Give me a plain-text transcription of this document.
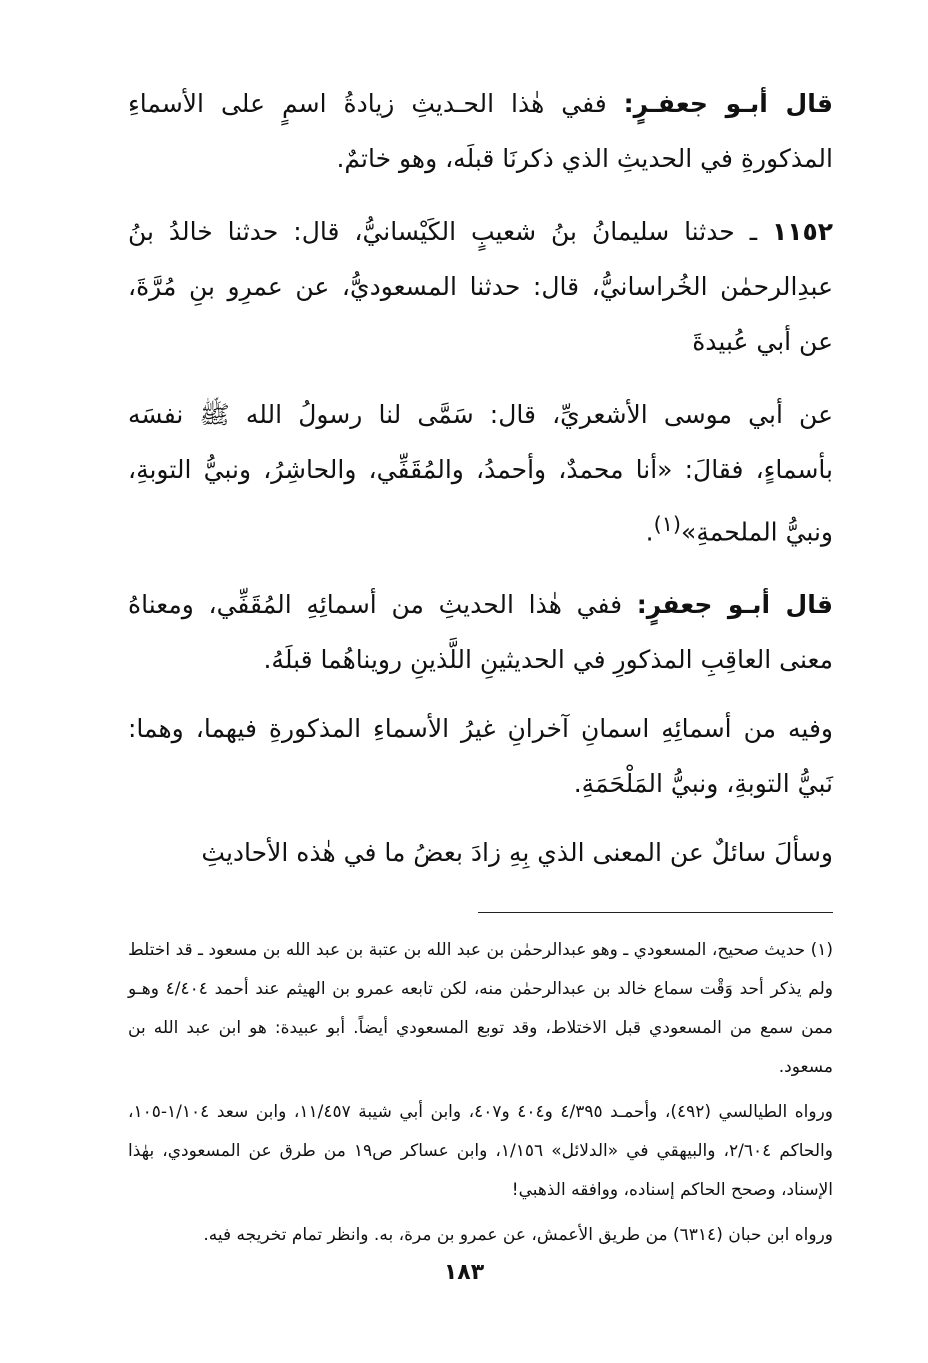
قال أبـو جعفـرٍ: ففي هٰذا الحـديثِ زيادةُ اسمٍ على الأسماءِ المذكورةِ في الحديثِ الذي ذكرنَا قبلَه، وهو خاتمٌ.

١١٥٢ ـ حدثنا سليمانُ بنُ شعيبٍ الكَيْسانيُّ، قال: حدثنا خالدُ بنُ عبدِالرحمٰن الخُراسانيُّ، قال: حدثنا المسعوديُّ، عن عمرِو بنِ مُرَّةَ، عن أبي عُبيدةَ

عن أبي موسى الأشعريِّ، قال: سَمَّى لنا رسولُ الله ﷺ نفسَه بأسماءٍ، فقالَ: «أنا محمدٌ، وأحمدُ، والمُقَفِّي، والحاشِرُ، ونبيُّ التوبةِ، ونبيُّ الملحمةِ»$^{(١)}$.

قال أبـو جعفرٍ: ففي هٰذا الحديثِ من أسمائِهِ المُقَفِّي، ومعناهُ معنى العاقِبِ المذكورِ في الحديثينِ اللَّذينِ رويناهُما قبلَهُ.

وفيه من أسمائِهِ اسمانِ آخرانِ غيرُ الأسماءِ المذكورةِ فيهما، وهما: نَبيُّ التوبةِ، ونبيُّ المَلْحَمَةِ.

وسألَ سائلٌ عن المعنى الذي بِهِ زادَ بعضُ ما في هٰذه الأحاديثِ

(١) حديث صحيح، المسعودي ـ وهو عبدالرحمٰن بن عبد الله بن عتبة بن عبد الله بن مسعود ـ قد اختلط ولم يذكر أحد وَقْت سماع خالد بن عبدالرحمٰن منه، لكن تابعه عمرو بن الهيثم عند أحمد ٤/٤٠٤ وهـو ممن سمع من المسعودي قبل الاختلاط، وقد توبع المسعودي أيضاً. أبو عبيدة: هو ابن عبد الله بن مسعود.

ورواه الطيالسي (٤٩٢)، وأحمـد ٤/٣٩٥ و٤٠٤ و٤٠٧، وابن أبي شيبة ١١/٤٥٧، وابن سعد ١/١٠٤-١٠٥، والحاكم ٢/٦٠٤، والبيهقي في «الدلائل» ١/١٥٦، وابن عساكر ص١٩ من طرق عن المسعودي، بهٰذا الإسناد، وصحح الحاكم إسناده، ووافقه الذهبي!

ورواه ابن حبان (٦٣١٤) من طريق الأعمش، عن عمرو بن مرة، به. وانظر تمام تخريجه فيه.

١٨٣
